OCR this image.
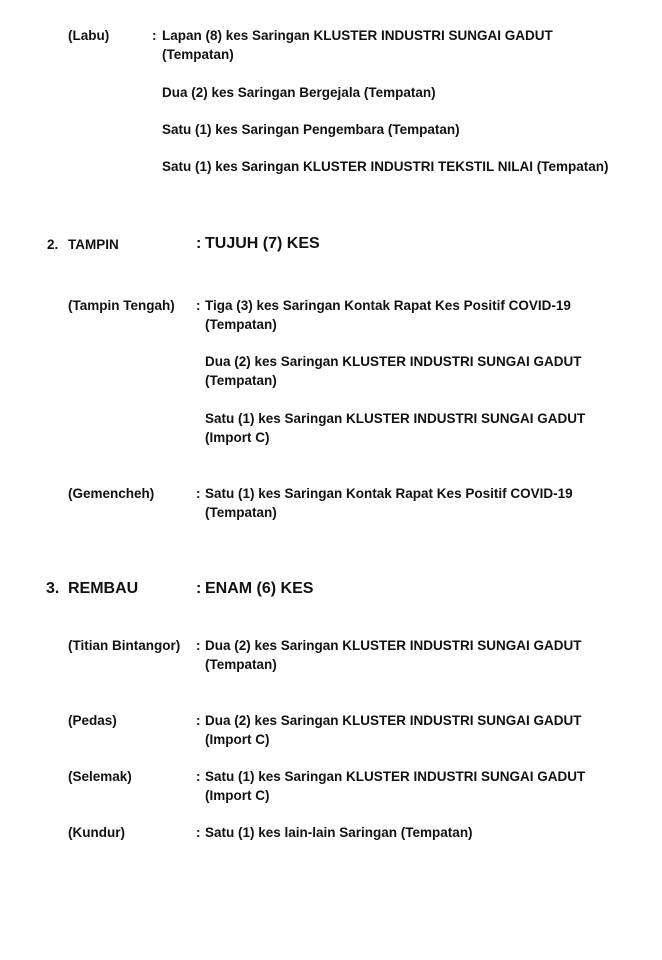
(Labu)	: Lapan (8) kes Saringan KLUSTER INDUSTRI SUNGAI GADUT
(Tempatan)
Dua (2) kes Saringan Bergejala (Tempatan)
Satu (1) kes Saringan Pengembara (Tempatan)
Satu (1) kes Saringan KLUSTER INDUSTRI TEKSTIL NILAI (Tempatan)
2. TAMPIN	: TUJUH (7) KES
(Tampin Tengah) : Tiga (3) kes Saringan Kontak Rapat Kes Positif COVID-19
(Tempatan)
Dua (2) kes Saringan KLUSTER INDUSTRI SUNGAI GADUT
(Tempatan)
Satu (1) kes Saringan KLUSTER INDUSTRI SUNGAI GADUT
(Import C)
(Gemencheh)	: Satu (1) kes Saringan Kontak Rapat Kes Positif COVID-19
(Tempatan)
3. REMBAU	: ENAM (6) KES
(Titian Bintangor) : Dua (2) kes Saringan KLUSTER INDUSTRI SUNGAI GADUT
(Tempatan)
(Pedas)	: Dua (2) kes Saringan KLUSTER INDUSTRI SUNGAI GADUT
(Import C)
(Selemak)	: Satu (1) kes Saringan KLUSTER INDUSTRI SUNGAI GADUT
(Import C)
(Kundur)	: Satu (1) kes lain-lain Saringan (Tempatan)
